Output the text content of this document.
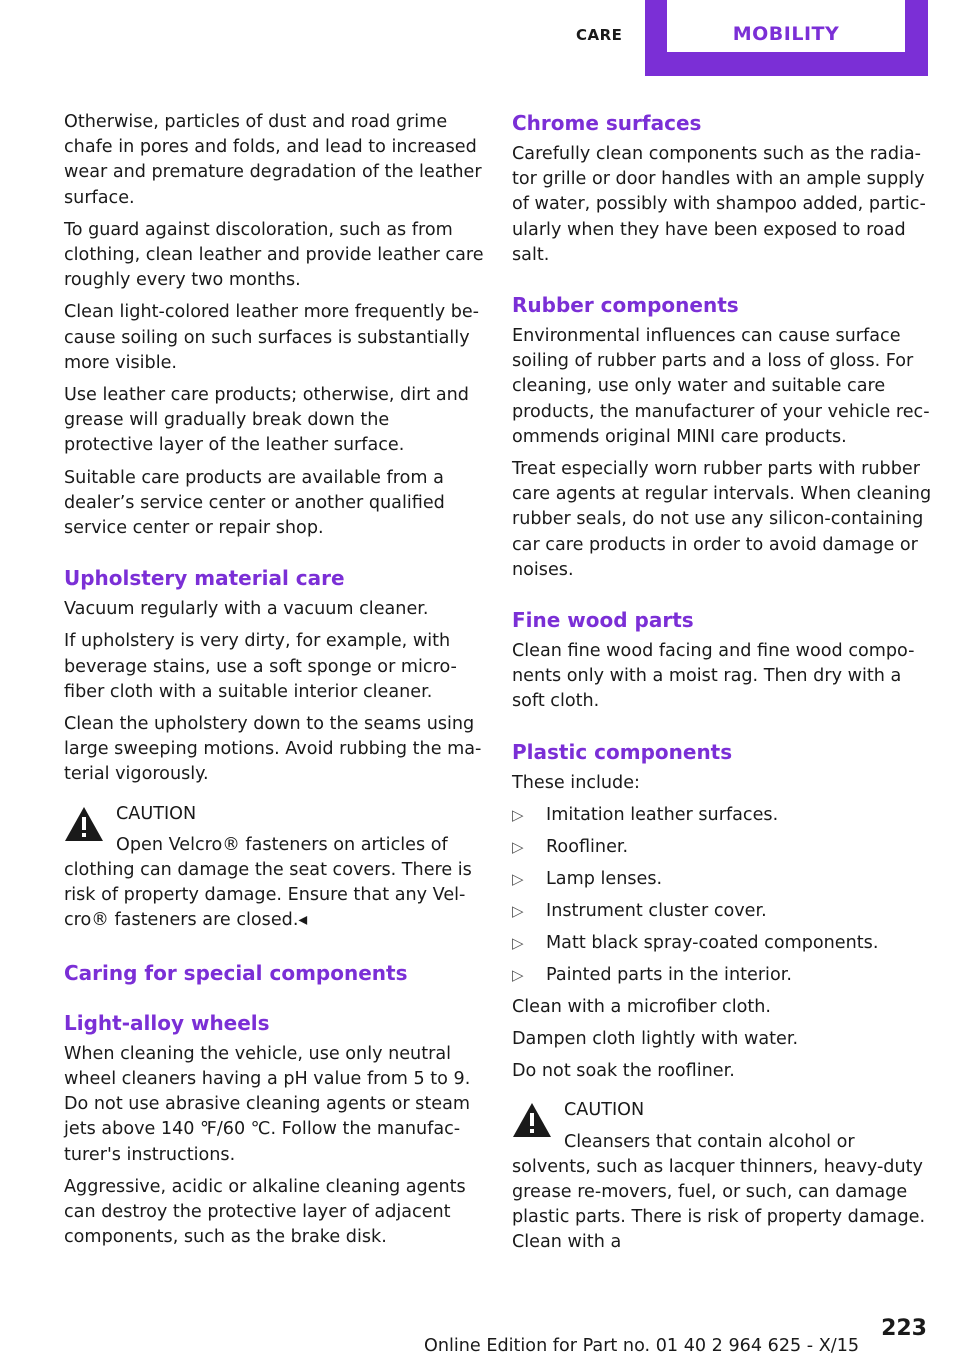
CARE	MOBILITY

Otherwise, particles of dust and road grime chafe in pores and folds, and lead to increased wear and premature degradation of the leather surface.

To guard against discoloration, such as from clothing, clean leather and provide leather care roughly every two months.

Clean light-colored leather more frequently be-cause soiling on such surfaces is substantially more visible.

Use leather care products; otherwise, dirt and grease will gradually break down the protective layer of the leather surface.

Suitable care products are available from a dealer’s service center or another qualified service center or repair shop.

Upholstery material care

Vacuum regularly with a vacuum cleaner.

If upholstery is very dirty, for example, with beverage stains, use a soft sponge or micro-fiber cloth with a suitable interior cleaner.

Clean the upholstery down to the seams using large sweeping motions. Avoid rubbing the ma-terial vigorously.

CAUTION

Open Velcro® fasteners on articles of clothing can damage the seat covers. There is risk of property damage. Ensure that any Vel-cro® fasteners are closed.◂

Caring for special components
Light-alloy wheels

When cleaning the vehicle, use only neutral wheel cleaners having a pH value from 5 to 9. Do not use abrasive cleaning agents or steam jets above 140 ℉/60 ℃. Follow the manufac-turer's instructions.

Aggressive, acidic or alkaline cleaning agents can destroy the protective layer of adjacent components, such as the brake disk.

Chrome surfaces

Carefully clean components such as the radia-tor grille or door handles with an ample supply of water, possibly with shampoo added, partic-ularly when they have been exposed to road salt.

Rubber components

Environmental influences can cause surface soiling of rubber parts and a loss of gloss. For cleaning, use only water and suitable care products, the manufacturer of your vehicle rec-ommends original MINI care products.

Treat especially worn rubber parts with rubber care agents at regular intervals. When cleaning rubber seals, do not use any silicon-containing car care products in order to avoid damage or noises.

Fine wood parts

Clean fine wood facing and fine wood compo-nents only with a moist rag. Then dry with a soft cloth.

Plastic components

These include:

▷ Imitation leather surfaces.
▷ Roofliner.
▷ Lamp lenses.
▷ Instrument cluster cover.
▷ Matt black spray-coated components.
▷ Painted parts in the interior.

Clean with a microfiber cloth.

Dampen cloth lightly with water.

Do not soak the roofliner.

CAUTION

Cleansers that contain alcohol or solvents, such as lacquer thinners, heavy-duty grease re-movers, fuel, or such, can damage plastic parts. There is risk of property damage. Clean with a

223
Online Edition for Part no. 01 40 2 964 625 - X/15
